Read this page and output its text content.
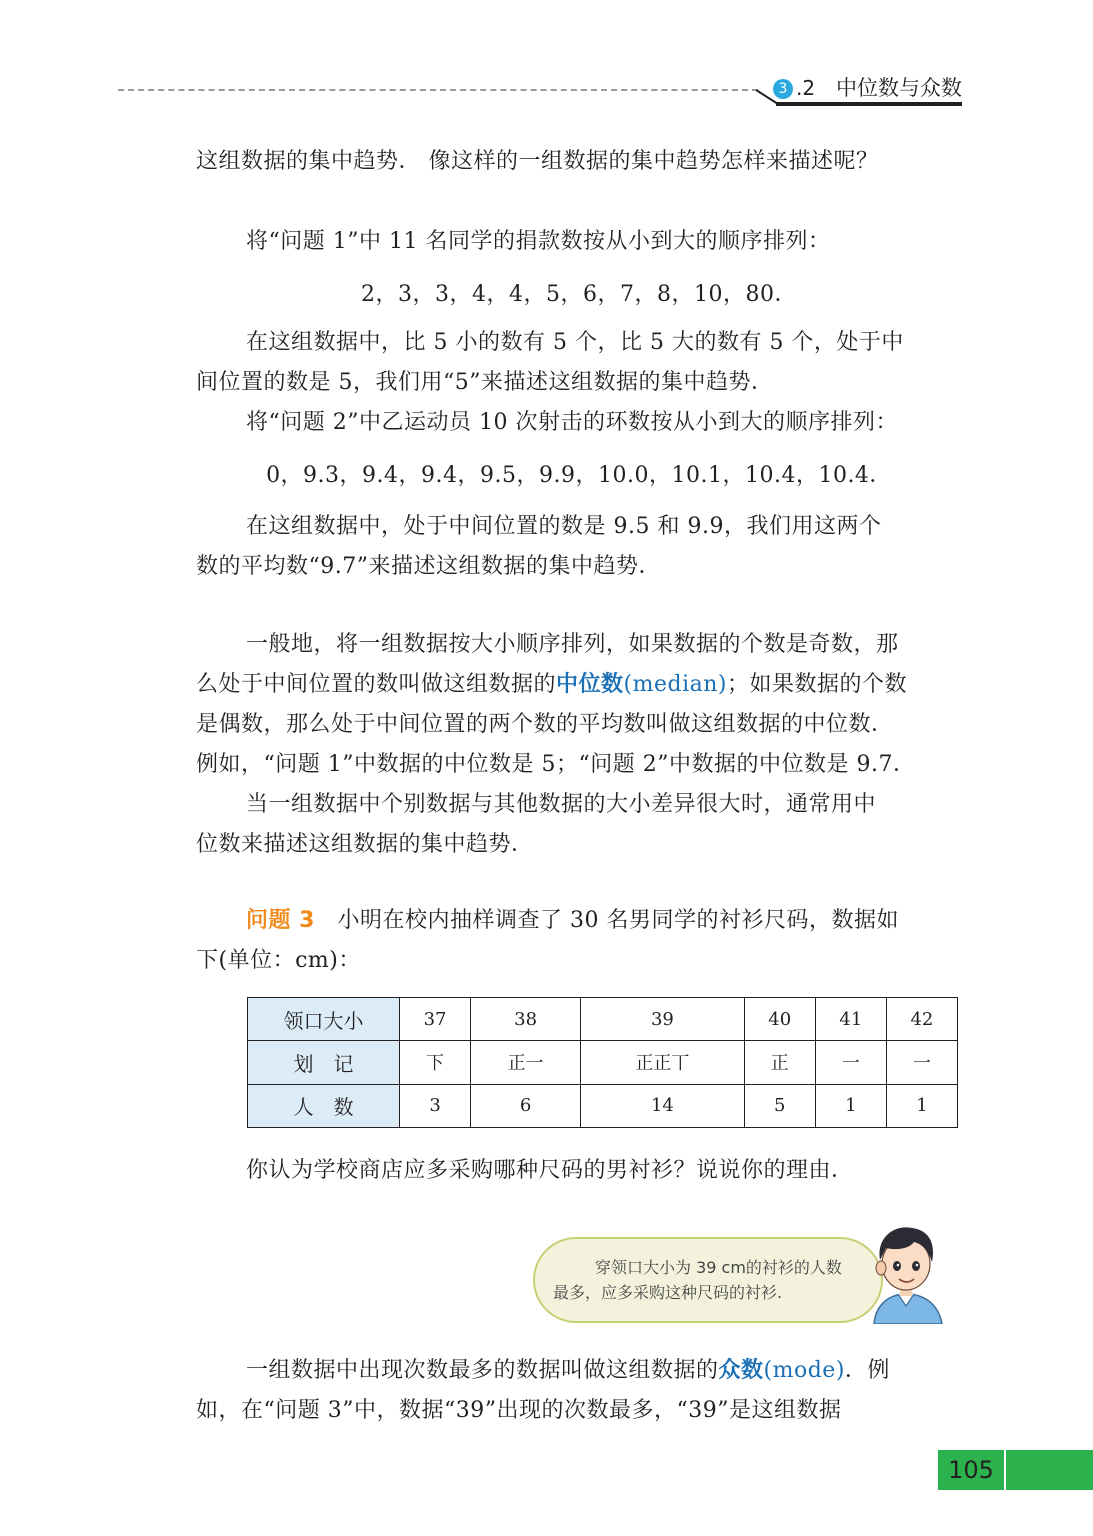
3 .2 中位数与众数
这组数据的集中趋势． 像这样的一组数据的集中趋势怎样来描述呢？
将“问题 1”中 11 名同学的捐款数按从小到大的顺序排列：
2，3，3，4，4，5，6，7，8，10，80．
在这组数据中，比 5 小的数有 5 个，比 5 大的数有 5 个，处于中
间位置的数是 5，我们用“5”来描述这组数据的集中趋势．
将“问题 2”中乙运动员 10 次射击的环数按从小到大的顺序排列：
0，9.3，9.4，9.4，9.5，9.9，10.0，10.1，10.4，10.4．
在这组数据中，处于中间位置的数是 9.5 和 9.9，我们用这两个
数的平均数“9.7”来描述这组数据的集中趋势．
一般地，将一组数据按大小顺序排列，如果数据的个数是奇数，那
么处于中间位置的数叫做这组数据的中位数(median)；如果数据的个数
是偶数，那么处于中间位置的两个数的平均数叫做这组数据的中位数．
例如，“问题 1”中数据的中位数是 5；“问题 2”中数据的中位数是 9.7．
当一组数据中个别数据与其他数据的大小差异很大时，通常用中
位数来描述这组数据的集中趋势．
问题 3　 小明在校内抽样调查了 30 名男同学的衬衫尺码，数据如
下(单位：cm)：
领口大小	37	38	39	40	41	42
划　记	下	正一	正正丅	正	一	一
人　数	3	6	14	5	1	1
你认为学校商店应多采购哪种尺码的男衬衫？说说你的理由．
穿领口大小为 39 cm的衬衫的人数
最多，应多采购这种尺码的衬衫.
一组数据中出现次数最多的数据叫做这组数据的众数(mode)．例
如，在“问题 3”中，数据“39”出现的次数最多，“39”是这组数据
105
